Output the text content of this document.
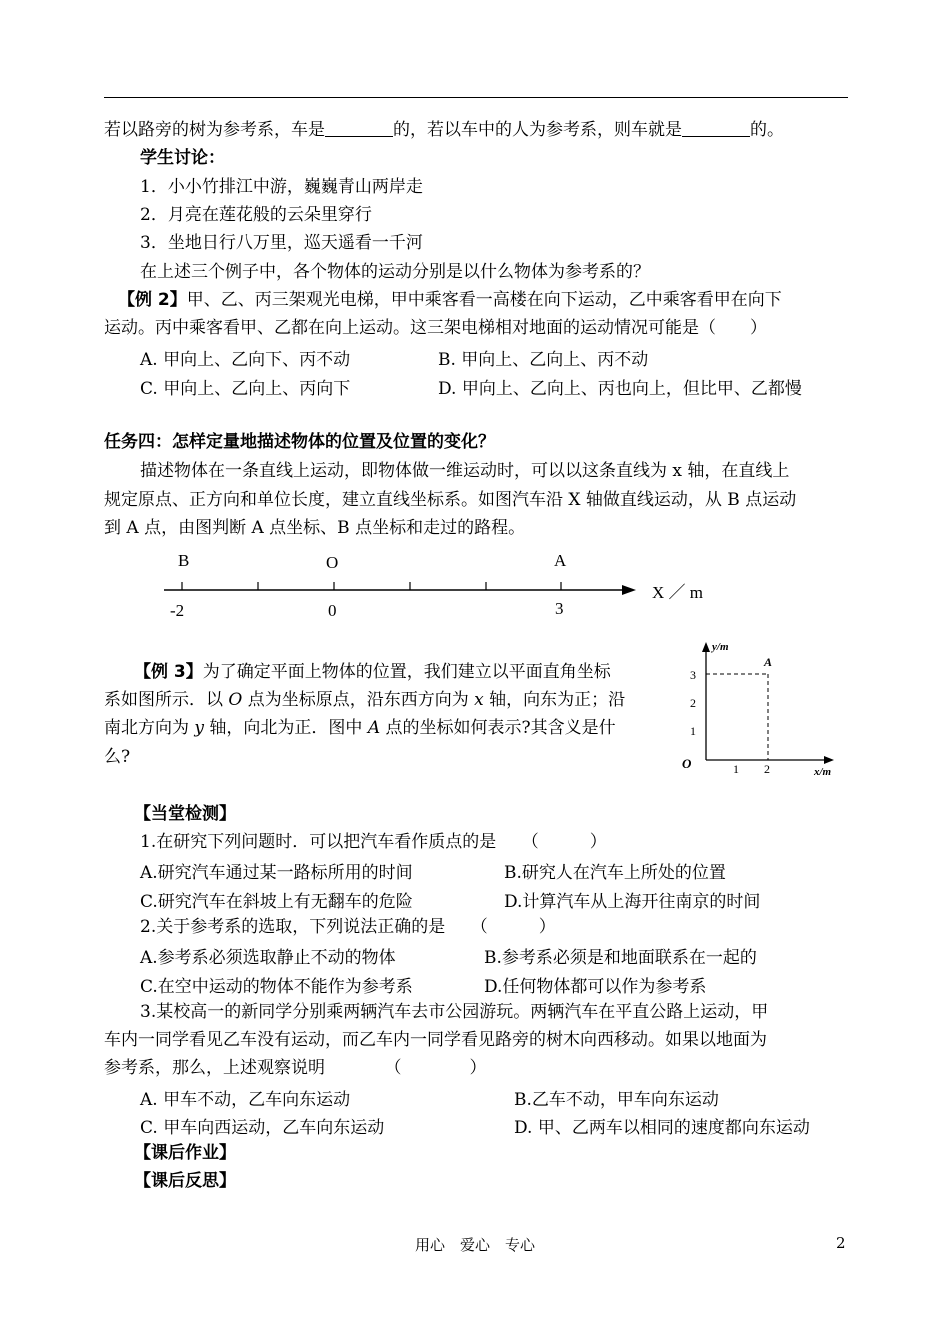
若以路旁的树为参考系，车是	的，若以车中的人为参考系，则车就是	的。
学生讨论：
1．小小竹排江中游，巍巍青山两岸走
2．月亮在莲花般的云朵里穿行
3．坐地日行八万里，巡天遥看一千河
在上述三个例子中，各个物体的运动分别是以什么物体为参考系的？
【例 2】甲、乙、丙三架观光电梯，甲中乘客看一高楼在向下运动，乙中乘客看甲在向下
运动。丙中乘客看甲、乙都在向上运动。这三架电梯相对地面的运动情况可能是（　　）
A. 甲向上、乙向下、丙不动	B. 甲向上、乙向上、丙不动
C. 甲向上、乙向上、丙向下	D. 甲向上、乙向上、丙也向上，但比甲、乙都慢
任务四：怎样定量地描述物体的位置及位置的变化？
描述物体在一条直线上运动，即物体做一维运动时，可以以这条直线为 x 轴，在直线上
规定原点、正方向和单位长度，建立直线坐标系。如图汽车沿 X 轴做直线运动，从 B 点运动
到 A 点，由图判断 A 点坐标、B 点坐标和走过的路程。
B	O	A
-2	0	3
X ／ m
【例 3】为了确定平面上物体的位置，我们建立以平面直角坐标
系如图所示．以 O 点为坐标原点，沿东西方向为 x 轴，向东为正；沿
南北方向为 y 轴，向北为正．图中 A 点的坐标如何表示?其含义是什
么?
y/m
x/m
A
O
1
2
3
1 2
【当堂检测】
1.在研究下列问题时．可以把汽车看作质点的是　　（　　　）
A.研究汽车通过某一路标所用的时间	B.研究人在汽车上所处的位置
C.研究汽车在斜坡上有无翻车的危险	D.计算汽车从上海开往南京的时间
2.关于参考系的选取，下列说法正确的是　　（　　　）
A.参考系必须选取静止不动的物体	B.参考系必须是和地面联系在一起的
C.在空中运动的物体不能作为参考系	D.任何物体都可以作为参考系
3.某校高一的新同学分别乘两辆汽车去市公园游玩。两辆汽车在平直公路上运动，甲
车内一同学看见乙车没有运动，而乙车内一同学看见路旁的树木向西移动。如果以地面为
参考系，那么，上述观察说明　　　　（　　　　）
A. 甲车不动，乙车向东运动	B.乙车不动，甲车向东运动
C. 甲车向西运动，乙车向东运动	D. 甲、乙两车以相同的速度都向东运动
【课后作业】
【课后反思】
用心　爱心　专心	2
